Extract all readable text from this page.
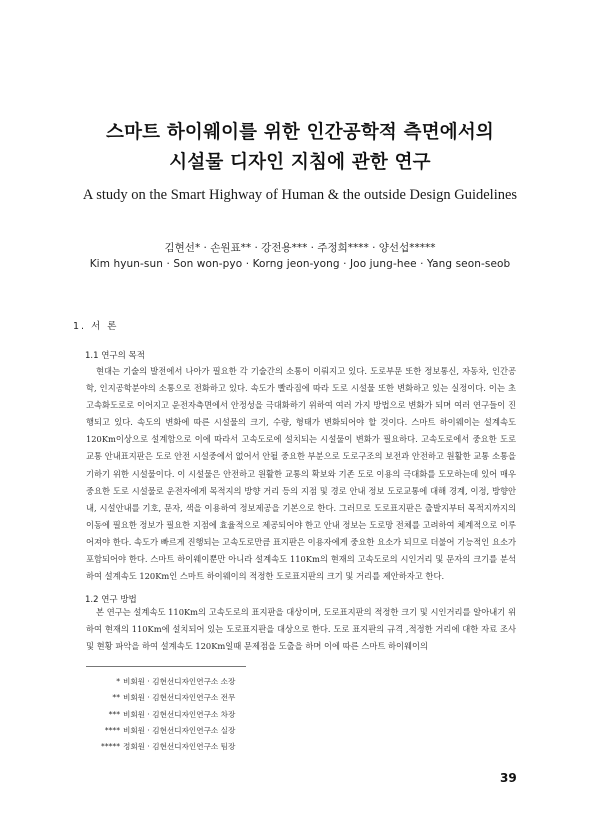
스마트 하이웨이를 위한 인간공학적 측면에서의
시설물 디자인 지침에 관한 연구
A study on the Smart Highway of Human & the outside Design Guidelines
김현선* · 손원표** · 강전용*** · 주정희**** · 양선섭*****
Kim hyun-sun · Son won-pyo · Korng jeon-yong · Joo jung-hee · Yang seon-seob
1. 서 론
1.1 연구의 목적

현대는 기술의 발전에서 나아가 필요한 각 기술간의 소통이 이뤄지고 있다. 도로부문 또한 정보통신, 자동차, 인간공학, 인지공학분야의 소통으로 전화하고 있다. 속도가 빨라짐에 따라 도로 시설물 또한 변화하고 있는 실정이다. 이는 초고속화도로로 이어지고 운전자측면에서 안정성을 극대화하기 위하여 여러 가지 방법으로 변화가 되며 여러 연구들이 진행되고 있다. 속도의 변화에 따른 시설물의 크기, 수량, 형태가 변화되어야 할 것이다. 스마트 하이웨이는 설계속도 120Km이상으로 설계함으로 이에 따라서 고속도로에 설치되는 시설물이 변화가 필요하다. 고속도로에서 중요한 도로 교통 안내표지판은 도로 안전 시설중에서 없어서 안될 중요한 부분으로 도로구조의 보전과 안전하고 원활한 교통 소통을 기하기 위한 시설물이다. 이 시설물은 안전하고 원활한 교통의 확보와 기존 도로 이용의 극대화를 도모하는데 있어 매우 중요한 도로 시설물로 운전자에게 목적지의 방향 거리 등의 지점 및 경로 안내 정보 도로교통에 대해 경계, 이정, 방향안내, 시설안내를 기호, 문자, 색을 이용하여 정보제공을 기본으로 한다. 그러므로 도로표지판은 출발지부터 목적지까지의 이동에 필요한 정보가 필요한 지점에 효율적으로 제공되어야 한고 안내 정보는 도로망 전체를 고려하여 체계적으로 이루어져야 한다. 속도가 빠르게 진행되는 고속도로만큼 표지판은 이용자에게 중요한 요소가 되므로 더불어 기능적인 요소가 포함되어야 한다. 스마트 하이웨이뿐만 아니라 설계속도 110Km의 현재의 고속도로의 시인거리 및 문자의 크기를 분석하여 설계속도 120Km인 스마트 하이웨이의 적정한 도로표지판의 크기 및 거리를 제안하자고 한다.

1.2 연구 방법

본 연구는 설계속도 110Km의 고속도로의 표지판을 대상이며, 도로표지판의 적정한 크기 및 시인거리를 알아내기 위하여 현재의 110Km에 설치되어 있는 도로표지판을 대상으로 한다. 도로 표지판의 규격 ,적정한 거리에 대한 자료 조사 및 현황 파악을 하여 설계속도 120Km일때 문제점을 도출을 하며 이에 따른 스마트 하이웨이의

* 비회원 · 김현선디자인연구소 소장
** 비회원 · 김현선디자인연구소 전무
*** 비회원 · 김현선디자인연구소 차장
**** 비회원 · 김현선디자인연구소 실장
***** 정회원 · 김현선디자인연구소 팀장
39
